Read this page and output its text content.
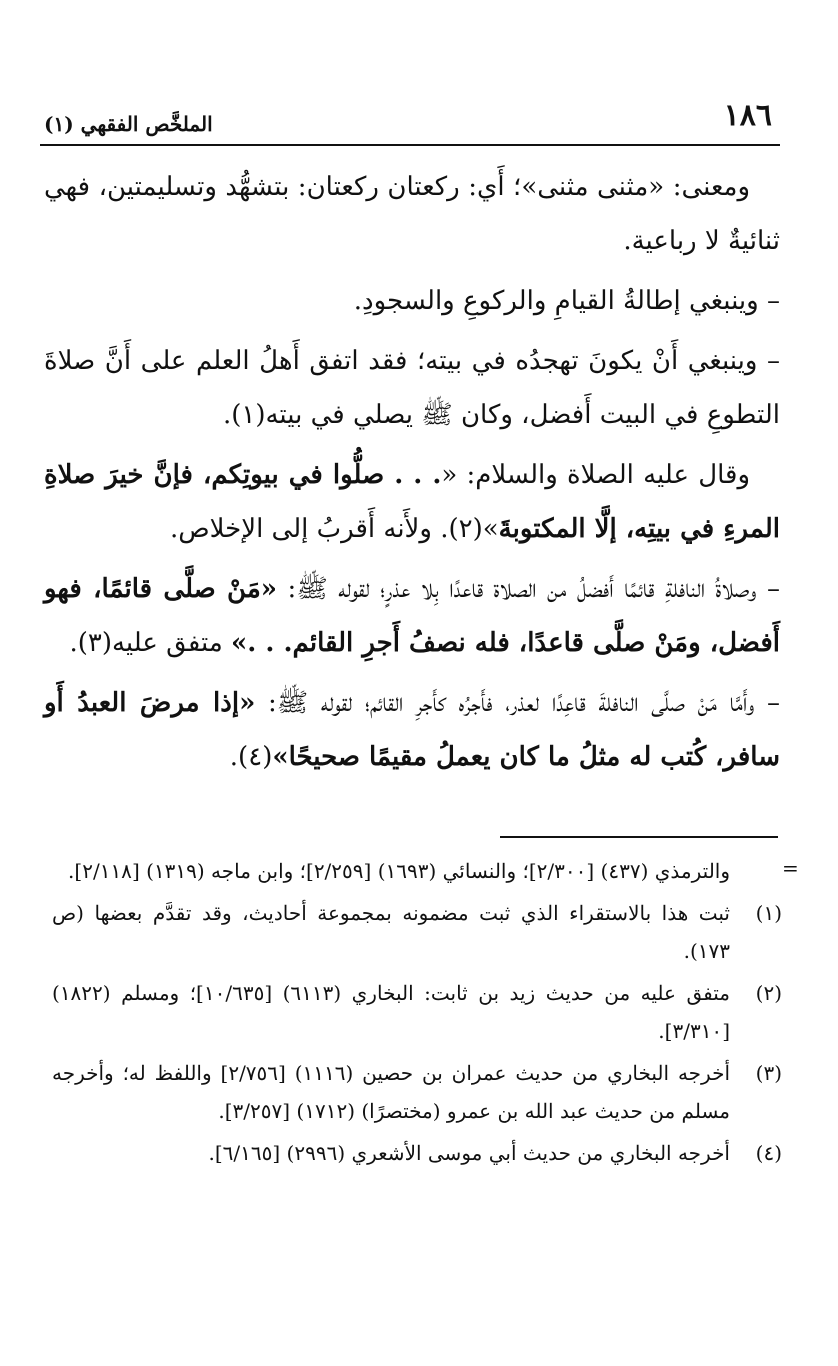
١٨٦
الملخَّص الفقهي (١)

ومعنى: «مثنى مثنى»؛ أَي: ركعتان ركعتان: بتشهُّد وتسليمتين، فهي ثنائيةٌ لا رباعية.

– وينبغي إطالةُ القيامِ والركوعِ والسجودِ.

– وينبغي أَنْ يكونَ تهجدُه في بيته؛ فقد اتفق أَهلُ العلم على أَنَّ صلاةَ التطوعِ في البيت أَفضل، وكان ﷺ يصلي في بيته(١).

وقال عليه الصلاة والسلام: «. . . صلُّوا في بيوتِكم، فإنَّ خيرَ صلاةِ المرءِ في بيتِه، إلَّا المكتوبةَ»(٢). ولأَنه أَقربُ إلى الإخلاص.

– وصلاةُ النافلةِ قائمًا أَفضلُ من الصلاة قاعدًا بِلا عذرٍ؛ لقوله ﷺ: «مَنْ صلَّى قائمًا، فهو أَفضل، ومَنْ صلَّى قاعدًا، فله نصفُ أَجرِ القائم. . .» متفق عليه(٣).

– وأَمَّا مَنْ صلَّى النافلةَ قاعِدًا لعذر، فأَجرُه كأَجرِ القائم؛ لقوله ﷺ: «إذا مرضَ العبدُ أَو سافر، كُتب له مثلُ ما كان يعملُ مقيمًا صحيحًا»(٤).

=
والترمذي (٤٣٧) [٢/٣٠٠]؛ والنسائي (١٦٩٣) [٢/٢٥٩]؛ وابن ماجه (١٣١٩) [٢/١١٨].
(١)
ثبت هذا بالاستقراء الذي ثبت مضمونه بمجموعة أحاديث، وقد تقدَّم بعضها (ص ١٧٣).
(٢)
متفق عليه من حديث زيد بن ثابت: البخاري (٦١١٣) [١٠/٦٣٥]؛ ومسلم (١٨٢٢) [٣/٣١٠].
(٣)
أخرجه البخاري من حديث عمران بن حصين (١١١٦) [٢/٧٥٦] واللفظ له؛ وأخرجه مسلم من حديث عبد الله بن عمرو (مختصرًا) (١٧١٢) [٣/٢٥٧].
(٤)
أخرجه البخاري من حديث أبي موسى الأشعري (٢٩٩٦) [٦/١٦٥].
